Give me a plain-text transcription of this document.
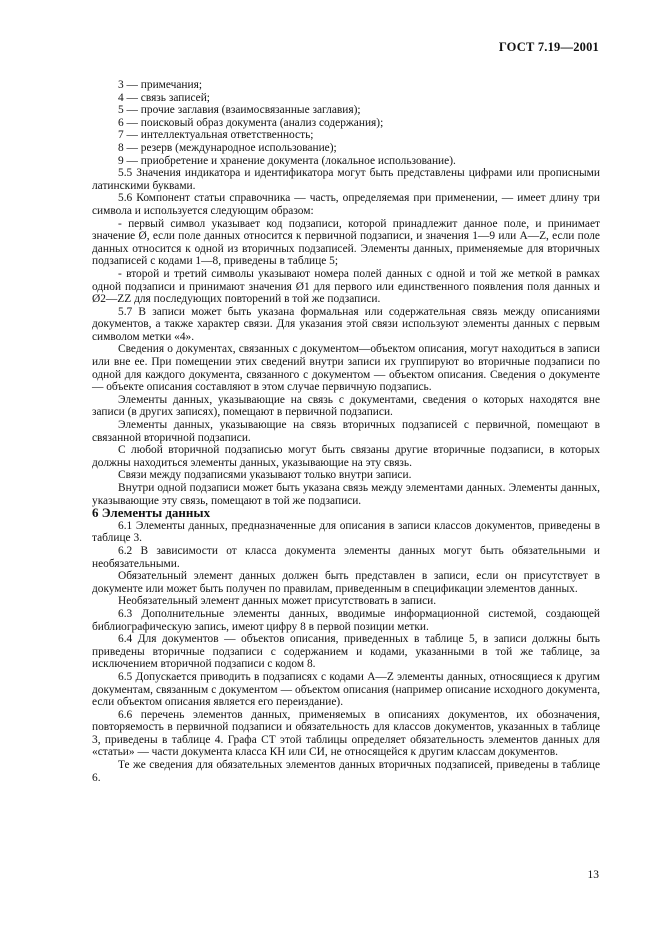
ГОСТ 7.19—2001

3 — примечания;

4 — связь записей;

5 — прочие заглавия (взаимосвязанные заглавия);

6 — поисковый образ документа (анализ содержания);

7 — интеллектуальная ответственность;

8 — резерв (международное использование);

9 — приобретение и хранение документа (локальное использование).

5.5 Значения индикатора и идентификатора могут быть представлены цифрами или прописными латинскими буквами.

5.6 Компонент статьи справочника — часть, определяемая при применении, — имеет длину три символа и используется следующим образом:

- первый символ указывает код подзаписи, которой принадлежит данное поле, и принимает значение Ø, если поле данных относится к первичной подзаписи, и значения 1—9 или A—Z, если поле данных относится к одной из вторичных подзаписей. Элементы данных, применяемые для вторичных подзаписей с кодами 1—8, приведены в таблице 5;

- второй и третий символы указывают номера полей данных с одной и той же меткой в рамках одной подзаписи и принимают значения Ø1 для первого или единственного появления поля данных и Ø2—ZZ для последующих повторений в той же подзаписи.

5.7 В записи может быть указана формальная или содержательная связь между описаниями документов, а также характер связи. Для указания этой связи используют элементы данных с первым символом метки «4».

Сведения о документах, связанных с документом—объектом описания, могут находиться в записи или вне ее. При помещении этих сведений внутри записи их группируют во вторичные подзаписи по одной для каждого документа, связанного с документом — объектом описания. Сведения о документе — объекте описания составляют в этом случае первичную подзапись.

Элементы данных, указывающие на связь с документами, сведения о которых находятся вне записи (в других записях), помещают в первичной подзаписи.

Элементы данных, указывающие на связь вторичных подзаписей с первичной, помещают в связанной вторичной подзаписи.

С любой вторичной подзаписью могут быть связаны другие вторичные подзаписи, в которых должны находиться элементы данных, указывающие на эту связь.

Связи между подзаписями указывают только внутри записи.

Внутри одной подзаписи может быть указана связь между элементами данных. Элементы данных, указывающие эту связь, помещают в той же подзаписи.

6 Элементы данных

6.1 Элементы данных, предназначенные для описания в записи классов документов, приведены в таблице 3.

6.2 В зависимости от класса документа элементы данных могут быть обязательными и необязательными.

Обязательный элемент данных должен быть представлен в записи, если он присутствует в документе или может быть получен по правилам, приведенным в спецификации элементов данных.

Необязательный элемент данных может присутствовать в записи.

6.3 Дополнительные элементы данных, вводимые информационной системой, создающей библиографическую запись, имеют цифру 8 в первой позиции метки.

6.4 Для документов — объектов описания, приведенных в таблице 5, в записи должны быть приведены вторичные подзаписи с содержанием и кодами, указанными в той же таблице, за исключением вторичной подзаписи с кодом 8.

6.5 Допускается приводить в подзаписях с кодами A—Z элементы данных, относящиеся к другим документам, связанным с документом — объектом описания (например описание исходного документа, если объектом описания является его переиздание).

6.6 перечень элементов данных, применяемых в описаниях документов, их обозначения, повторяемость в первичной подзаписи и обязательность для классов документов, указанных в таблице 3, приведены в таблице 4. Графа СТ этой таблицы определяет обязательность элементов данных для «статьи» — части документа класса КН или СИ, не относящейся к другим классам документов.

Те же сведения для обязательных элементов данных вторичных подзаписей, приведены в таблице 6.

13
